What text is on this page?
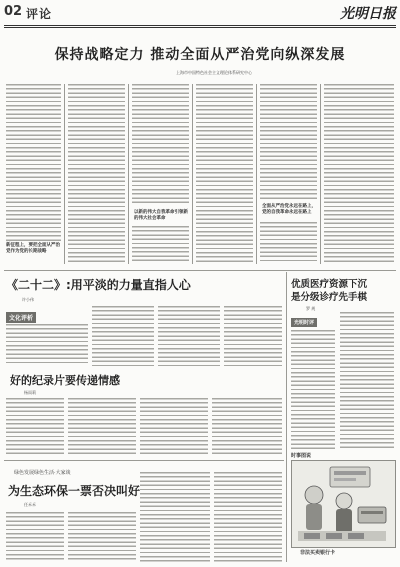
02 评论	光明日报
保持战略定力 推动全面从严治党向纵深发展
上海市中国特色社会主义理论体系研究中心
新征程上，要把全面从严治党作为党的长期战略
以新的伟大自我革命引领新的伟大社会革命
全面从严治党永远在路上，党的自我革命永远在路上
《二十二》:用平淡的力量直指人心
许小伟
文化评析
好的纪录片要传递情感
杨雨莉
绿色发展绿色生活·大家谈
为生态环保一票否决叫好
任禾禾
优质医疗资源下沉
是分级诊疗先手棋
罗 规
光明时评
时事图说
非法买卖银行卡
